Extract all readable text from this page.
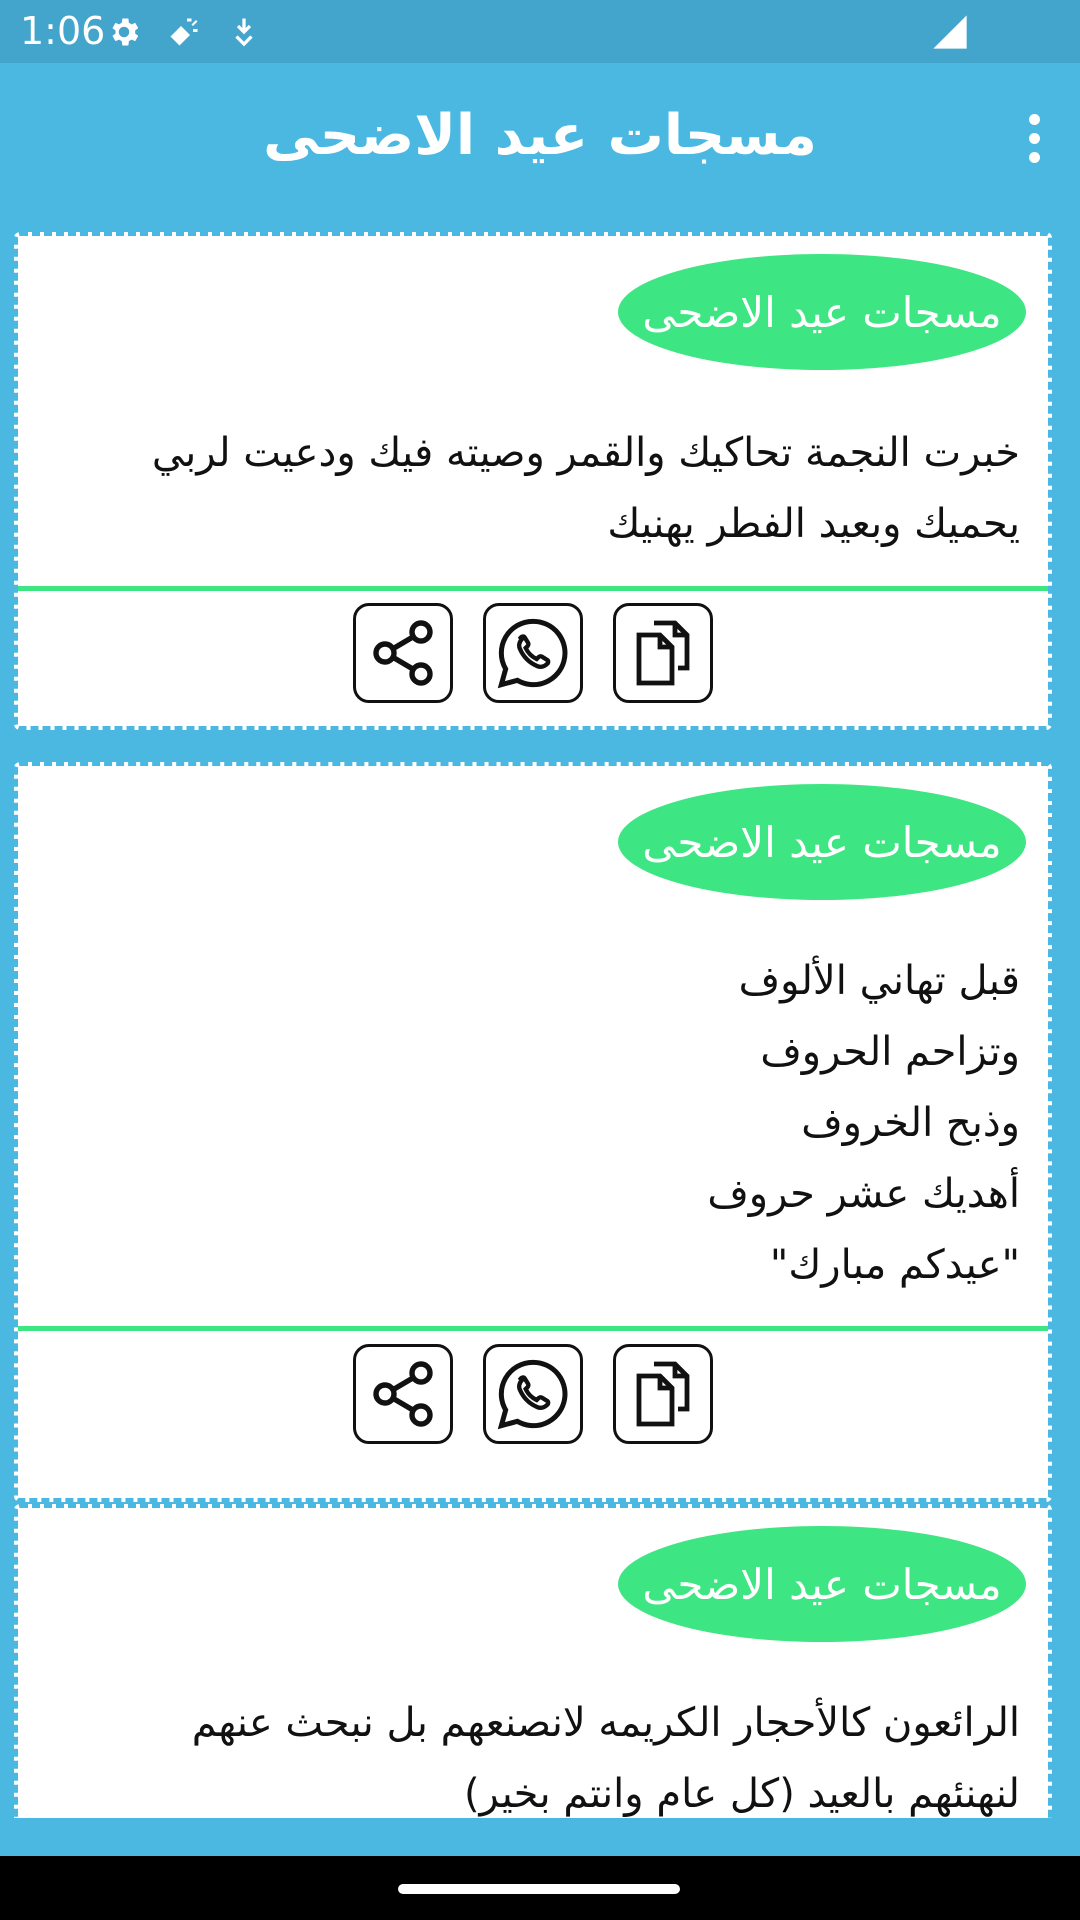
1:06
مسجات عيد الاضحى
مسجات عيد الاضحى
خبرت النجمة تحاكيك والقمر وصيته فيك ودعيت لربي
يحميك وبعيد الفطر يهنيك
مسجات عيد الاضحى
قبل تهاني الألوف
وتزاحم الحروف
وذبح الخروف
أهديك عشر حروف
"عيدكم مبارك"
مسجات عيد الاضحى
الرائعون كالأحجار الكريمه لانصنعهم بل نبحث عنهم
لنهنئهم بالعيد (كل عام وانتم بخير)
